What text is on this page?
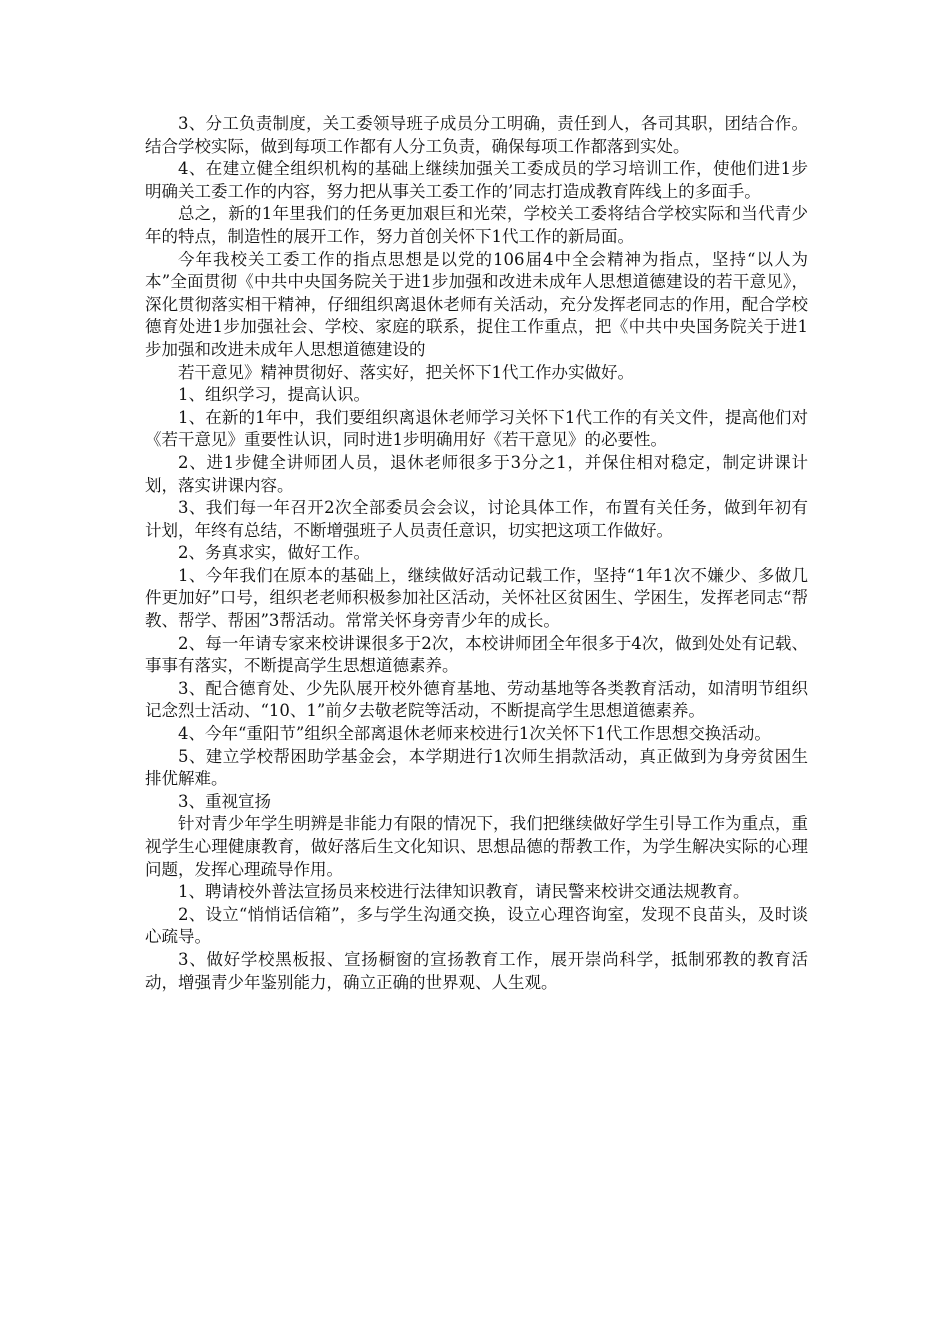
3、分工负责制度，关工委领导班子成员分工明确，责任到人，各司其职，团结合作。结合学校实际，做到每项工作都有人分工负责，确保每项工作都落到实处。

4、在建立健全组织机构的基础上继续加强关工委成员的学习培训工作，使他们进1步明确关工委工作的内容，努力把从事关工委工作的’同志打造成教育阵线上的多面手。

总之，新的1年里我们的任务更加艰巨和光荣，学校关工委将结合学校实际和当代青少年的特点，制造性的展开工作，努力首创关怀下1代工作的新局面。

今年我校关工委工作的指点思想是以党的106届4中全会精神为指点，坚持“以人为本”全面贯彻《中共中央国务院关于进1步加强和改进未成年人思想道德建设的若干意见》，深化贯彻落实相干精神，仔细组织离退休老师有关活动，充分发挥老同志的作用，配合学校德育处进1步加强社会、学校、家庭的联系，捉住工作重点，把《中共中央国务院关于进1步加强和改进未成年人思想道德建设的

若干意见》精神贯彻好、落实好，把关怀下1代工作办实做好。

1、组织学习，提高认识。

1、在新的1年中，我们要组织离退休老师学习关怀下1代工作的有关文件，提高他们对《若干意见》重要性认识，同时进1步明确用好《若干意见》的必要性。

2、进1步健全讲师团人员，退休老师很多于3分之1，并保住相对稳定，制定讲课计划，落实讲课内容。

3、我们每一年召开2次全部委员会会议，讨论具体工作，布置有关任务，做到年初有计划，年终有总结，不断增强班子人员责任意识，切实把这项工作做好。

2、务真求实，做好工作。

1、今年我们在原本的基础上，继续做好活动记载工作，坚持“1年1次不嫌少、多做几件更加好”口号，组织老老师积极参加社区活动，关怀社区贫困生、学困生，发挥老同志“帮教、帮学、帮困”3帮活动。常常关怀身旁青少年的成长。

2、每一年请专家来校讲课很多于2次，本校讲师团全年很多于4次，做到处处有记载、事事有落实，不断提高学生思想道德素养。

3、配合德育处、少先队展开校外德育基地、劳动基地等各类教育活动，如清明节组织记念烈士活动、“10、1”前夕去敬老院等活动，不断提高学生思想道德素养。

4、今年“重阳节”组织全部离退休老师来校进行1次关怀下1代工作思想交换活动。

5、建立学校帮困助学基金会，本学期进行1次师生捐款活动，真正做到为身旁贫困生排优解难。

3、重视宣扬

针对青少年学生明辨是非能力有限的情况下，我们把继续做好学生引导工作为重点，重视学生心理健康教育，做好落后生文化知识、思想品德的帮教工作，为学生解决实际的心理问题，发挥心理疏导作用。

1、聘请校外普法宣扬员来校进行法律知识教育，请民警来校讲交通法规教育。

2、设立“悄悄话信箱”，多与学生沟通交换，设立心理咨询室，发现不良苗头，及时谈心疏导。

3、做好学校黑板报、宣扬橱窗的宣扬教育工作，展开崇尚科学，抵制邪教的教育活动，增强青少年鉴别能力，确立正确的世界观、人生观。
